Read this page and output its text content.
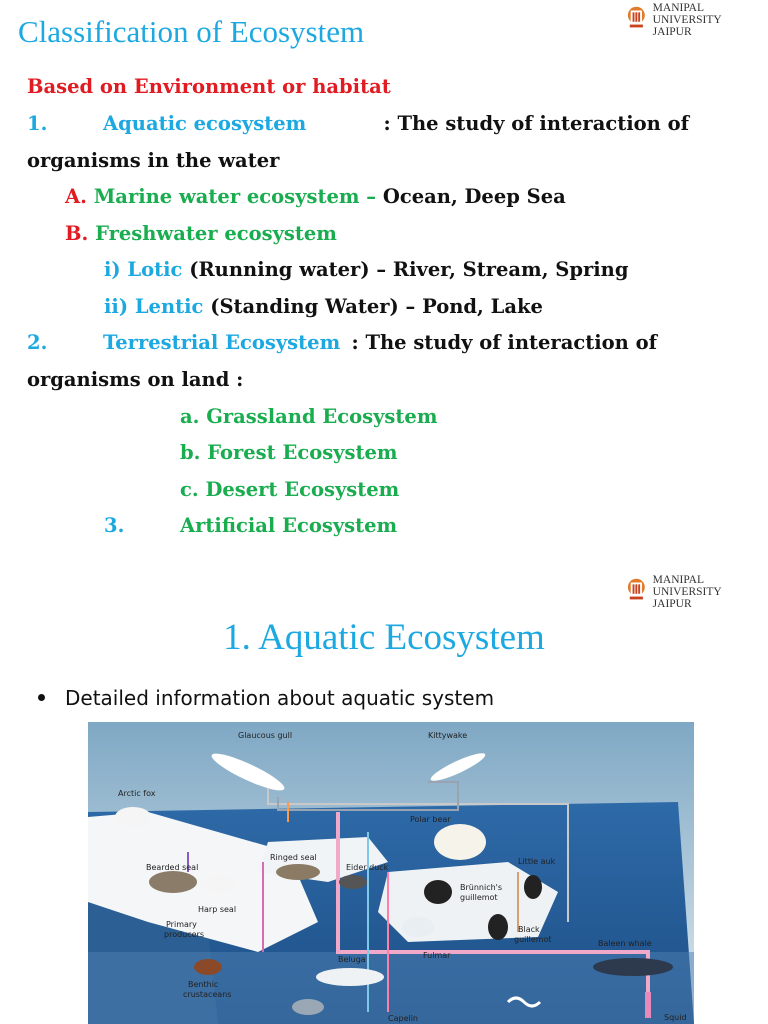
MANIPAL UNIVERSITY
JAIPUR
Classification of Ecosystem
Based on Environment or habitat
1.	Aquatic ecosystem	: The study of interaction of
organisms in the water
A. Marine water ecosystem – Ocean, Deep Sea
B. Freshwater ecosystem
i) Lotic (Running water) – River, Stream, Spring
ii) Lentic (Standing Water) – Pond, Lake
2.	Terrestrial Ecosystem : The study of interaction of
organisms on land :
a. Grassland Ecosystem
b. Forest Ecosystem
c. Desert Ecosystem
3.	Artificial Ecosystem
MANIPAL UNIVERSITY
JAIPUR
1. Aquatic Ecosystem
Detailed information about aquatic system
Glaucous gull	Kittywake
Arctic fox
Polar bear
Ringed seal
Bearded seal	Eider duck
Little auk
Brünnich's
guillemot
Harp seal
Primary
producers
Black
guillemot	Baleen whale
Beluga	Fulmar
Benthic
crustaceans
Capelin	Squid
